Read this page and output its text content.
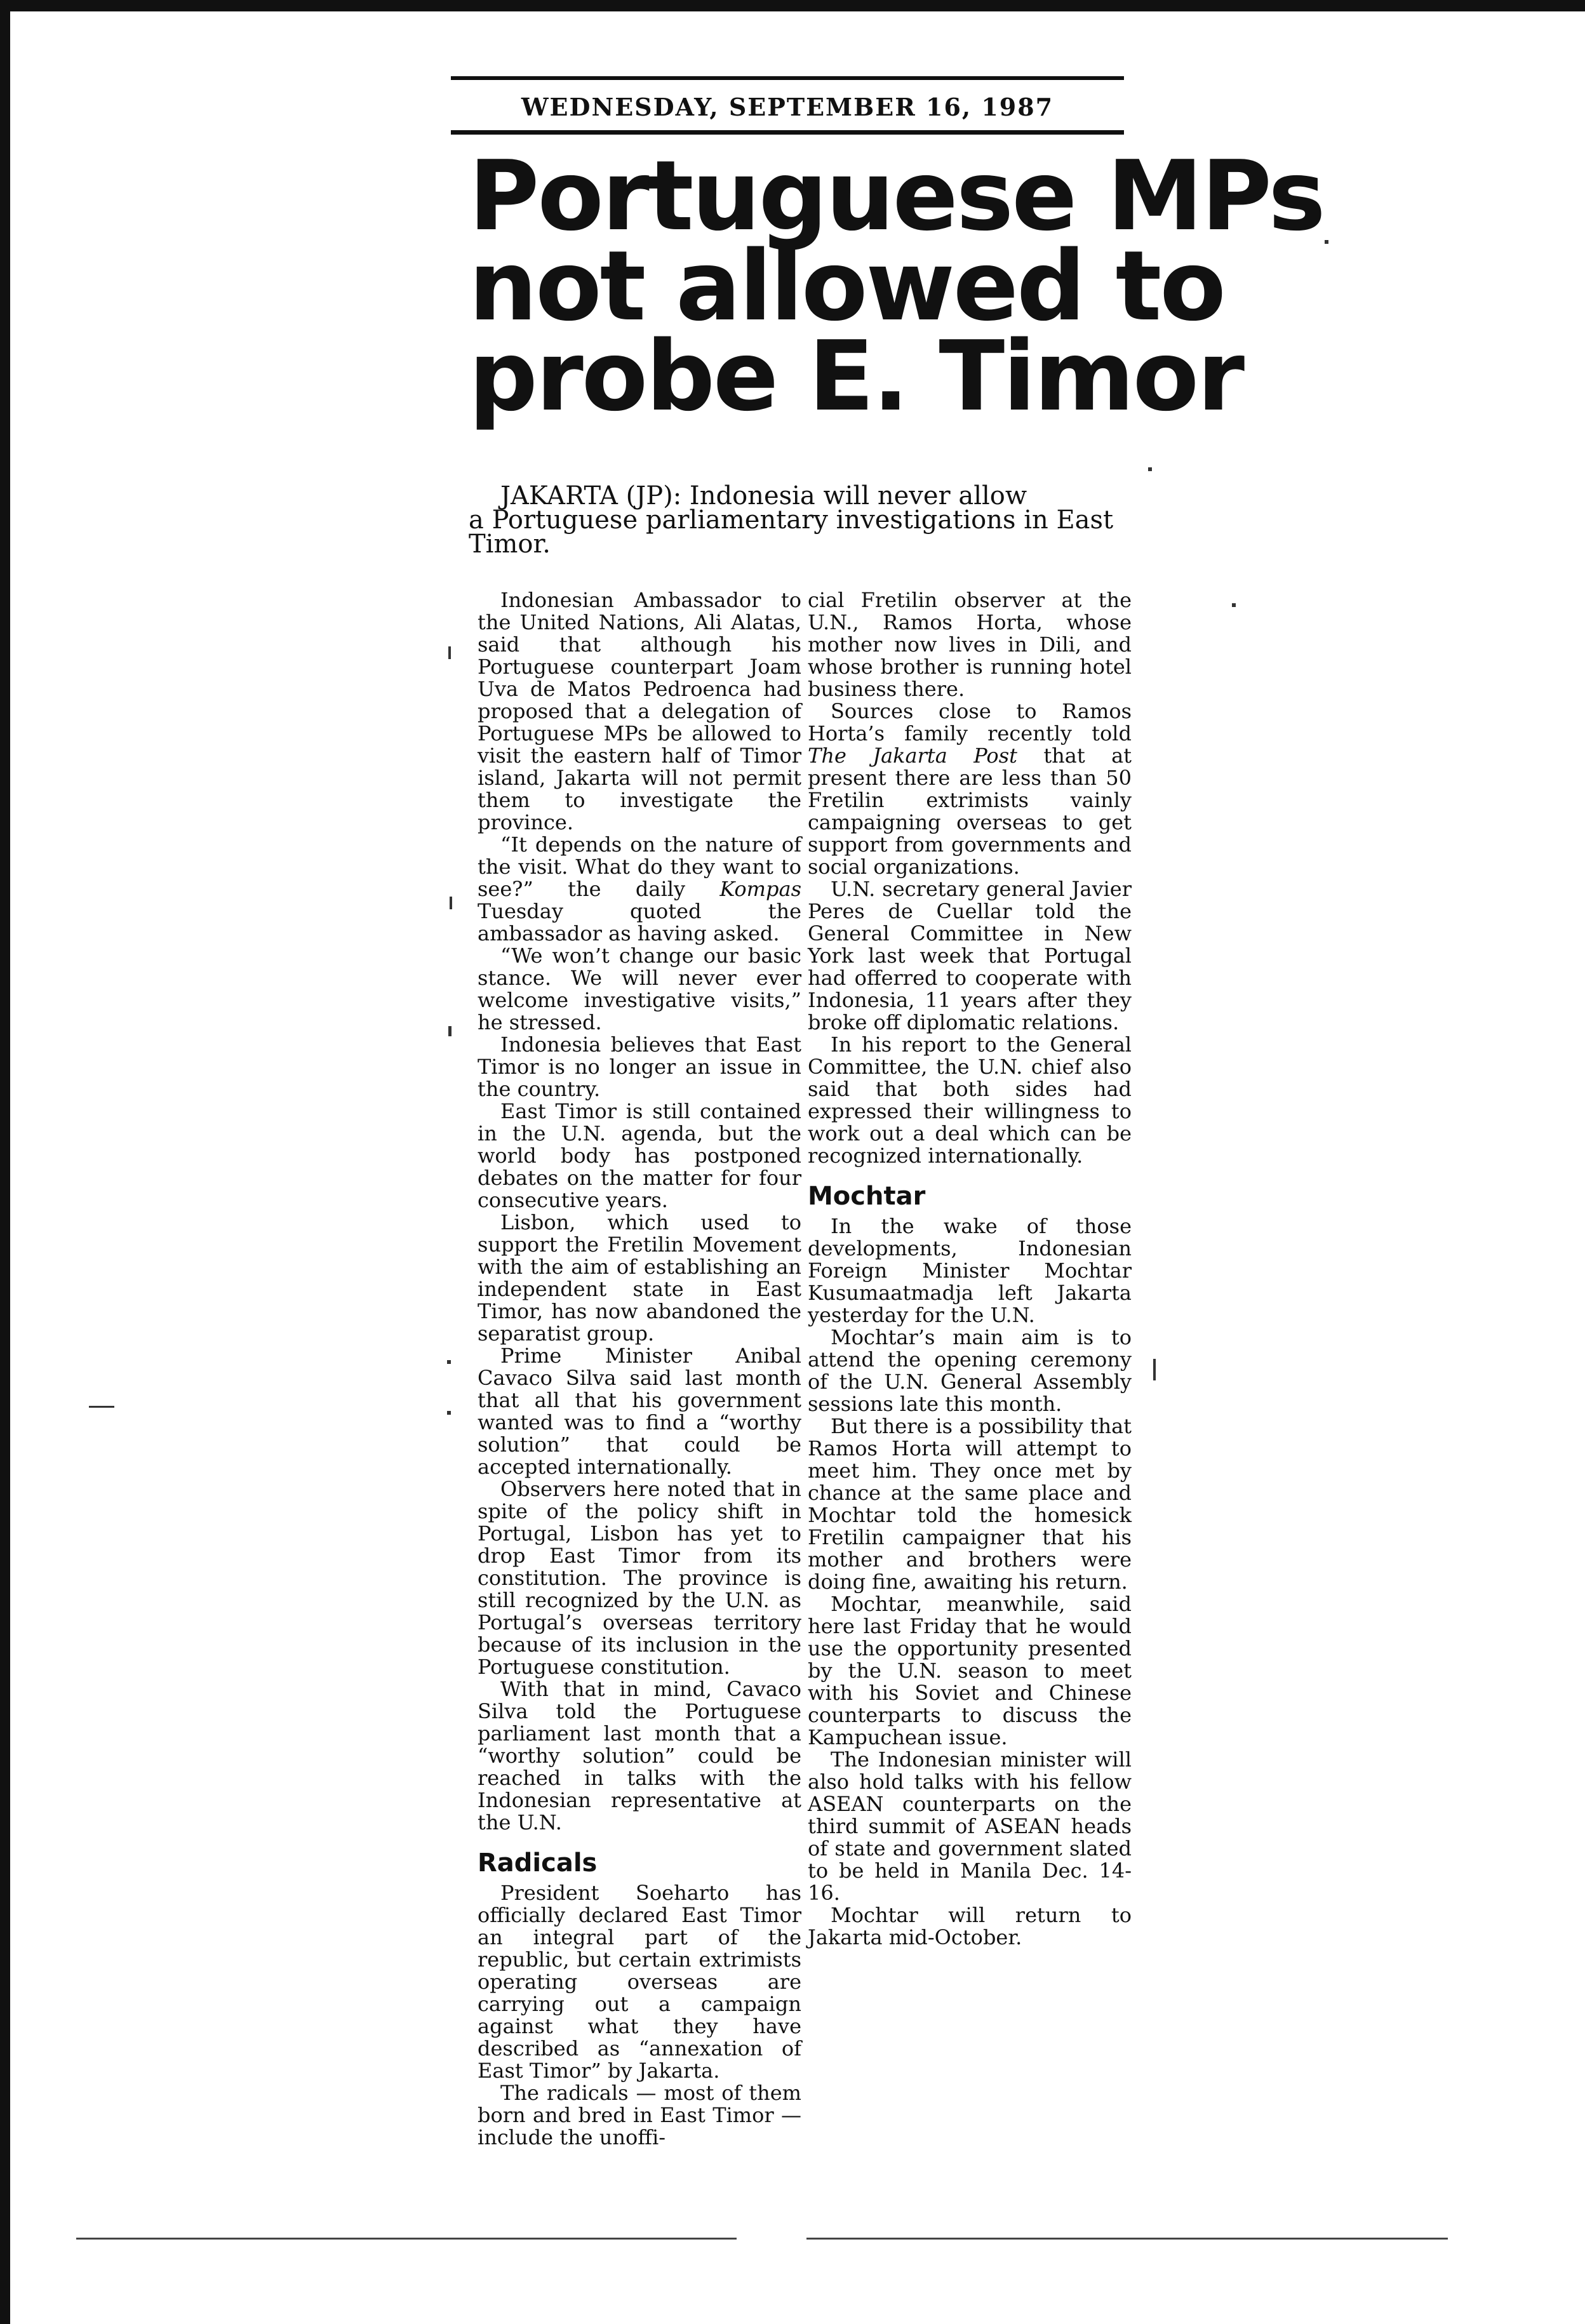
WEDNESDAY, SEPTEMBER 16, 1987
Portuguese MPs
not allowed to
probe E. Timor
JAKARTA (JP): Indonesia will never allow
a Portuguese parliamentary investigations in East Timor.

Indonesian Ambassador to the United Nations, Ali Alatas, said that although his Portuguese counterpart Joam Uva de Matos Pedroenca had proposed that a delegation of Portuguese MPs be allowed to visit the eastern half of Timor island, Jakarta will not permit them to investigate the province.

“It depends on the nature of the visit. What do they want to see?” the daily Kompas Tuesday quoted the ambassador as having asked.

“We won’t change our basic stance. We will never ever welcome investigative visits,” he stressed.

Indonesia believes that East Timor is no longer an issue in the country.

East Timor is still contained in the U.N. agenda, but the world body has postponed debates on the matter for four consecutive years.

Lisbon, which used to support the Fretilin Movement with the aim of establishing an independent state in East Timor, has now abandoned the separatist group.

Prime Minister Anibal Cavaco Silva said last month that all that his government wanted was to find a “worthy solution” that could be accepted internationally.

Observers here noted that in spite of the policy shift in Portugal, Lisbon has yet to drop East Timor from its constitution. The province is still recognized by the U.N. as Portugal’s overseas territory because of its inclusion in the Portuguese constitution.

With that in mind, Cavaco Silva told the Portuguese parliament last month that a “worthy solution” could be reached in talks with the Indonesian representative at the U.N.

Radicals

President Soeharto has officially declared East Timor an integral part of the republic, but certain extrimists operating overseas are carrying out a campaign against what they have described as “annexation of East Timor” by Jakarta.

The radicals — most of them born and bred in East Timor — include the unoffi-

cial Fretilin observer at the U.N., Ramos Horta, whose mother now lives in Dili, and whose brother is running hotel business there.

Sources close to Ramos Horta’s family recently told The Jakarta Post that at present there are less than 50 Fretilin extrimists vainly campaigning overseas to get support from governments and social organizations.

U.N. secretary general Javier Peres de Cuellar told the General Committee in New York last week that Portugal had offerred to cooperate with Indonesia, 11 years after they broke off diplomatic relations.

In his report to the General Committee, the U.N. chief also said that both sides had expressed their willingness to work out a deal which can be recognized internationally.

Mochtar

In the wake of those developments, Indonesian Foreign Minister Mochtar Kusumaatmadja left Jakarta yesterday for the U.N.

Mochtar’s main aim is to attend the opening ceremony of the U.N. General Assembly sessions late this month.

But there is a possibility that Ramos Horta will attempt to meet him. They once met by chance at the same place and Mochtar told the homesick Fretilin campaigner that his mother and brothers were doing fine, awaiting his return.

Mochtar, meanwhile, said here last Friday that he would use the opportunity presented by the U.N. season to meet with his Soviet and Chinese counterparts to discuss the Kampuchean issue.

The Indonesian minister will also hold talks with his fellow ASEAN counterparts on the third summit of ASEAN heads of state and government slated to be held in Manila Dec. 14-16.

Mochtar will return to Jakarta mid-October.
